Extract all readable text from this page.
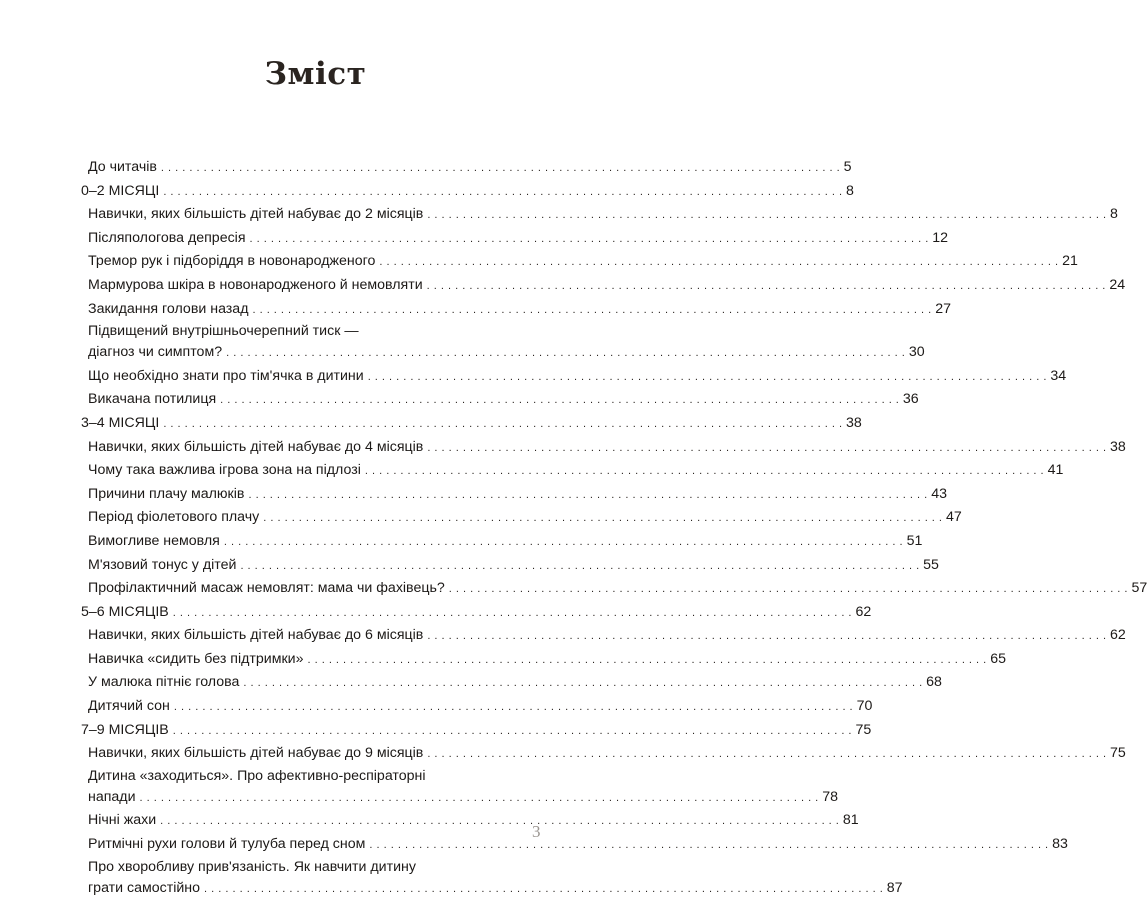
Зміст
До читачів . . .	5
0–2 МІСЯЦІ . . .	8
Навички, яких більшість дітей набуває до 2 місяців . . .	8
Післяпологова депресія . . .	12
Тремор рук і підборіддя в новонародженого . . .	21
Мармурова шкіра в новонародженого й немовляти . . .	24
Закидання голови назад . . .	27
Підвищений внутрішньочерепний тиск —
діагноз чи симптом? . . .	30
Що необхідно знати про тім'ячка в дитини . . .	34
Викачана потилиця . . .	36
3–4 МІСЯЦІ . . .	38
Навички, яких більшість дітей набуває до 4 місяців . . .	38
Чому така важлива ігрова зона на підлозі . . .	41
Причини плачу малюків . . .	43
Період фіолетового плачу . . .	47
Вимогливе немовля . . .	51
М'язовий тонус у дітей . . .	55
Профілактичний масаж немовлят: мама чи фахівець? . . .	57
5–6 МІСЯЦІВ . . .	62
Навички, яких більшість дітей набуває до 6 місяців . . .	62
Навичка «сидить без підтримки» . . .	65
У малюка пітніє голова . . .	68
Дитячий сон . . .	70
7–9 МІСЯЦІВ . . .	75
Навички, яких більшість дітей набуває до 9 місяців . . .	75
Дитина «заходиться». Про афективно-респіраторні
напади . . .	78
Нічні жахи . . .	81
Ритмічні рухи голови й тулуба перед сном . . .	83
Про хворобливу прив'язаність. Як навчити дитину
грати самостійно . . .	87
3
